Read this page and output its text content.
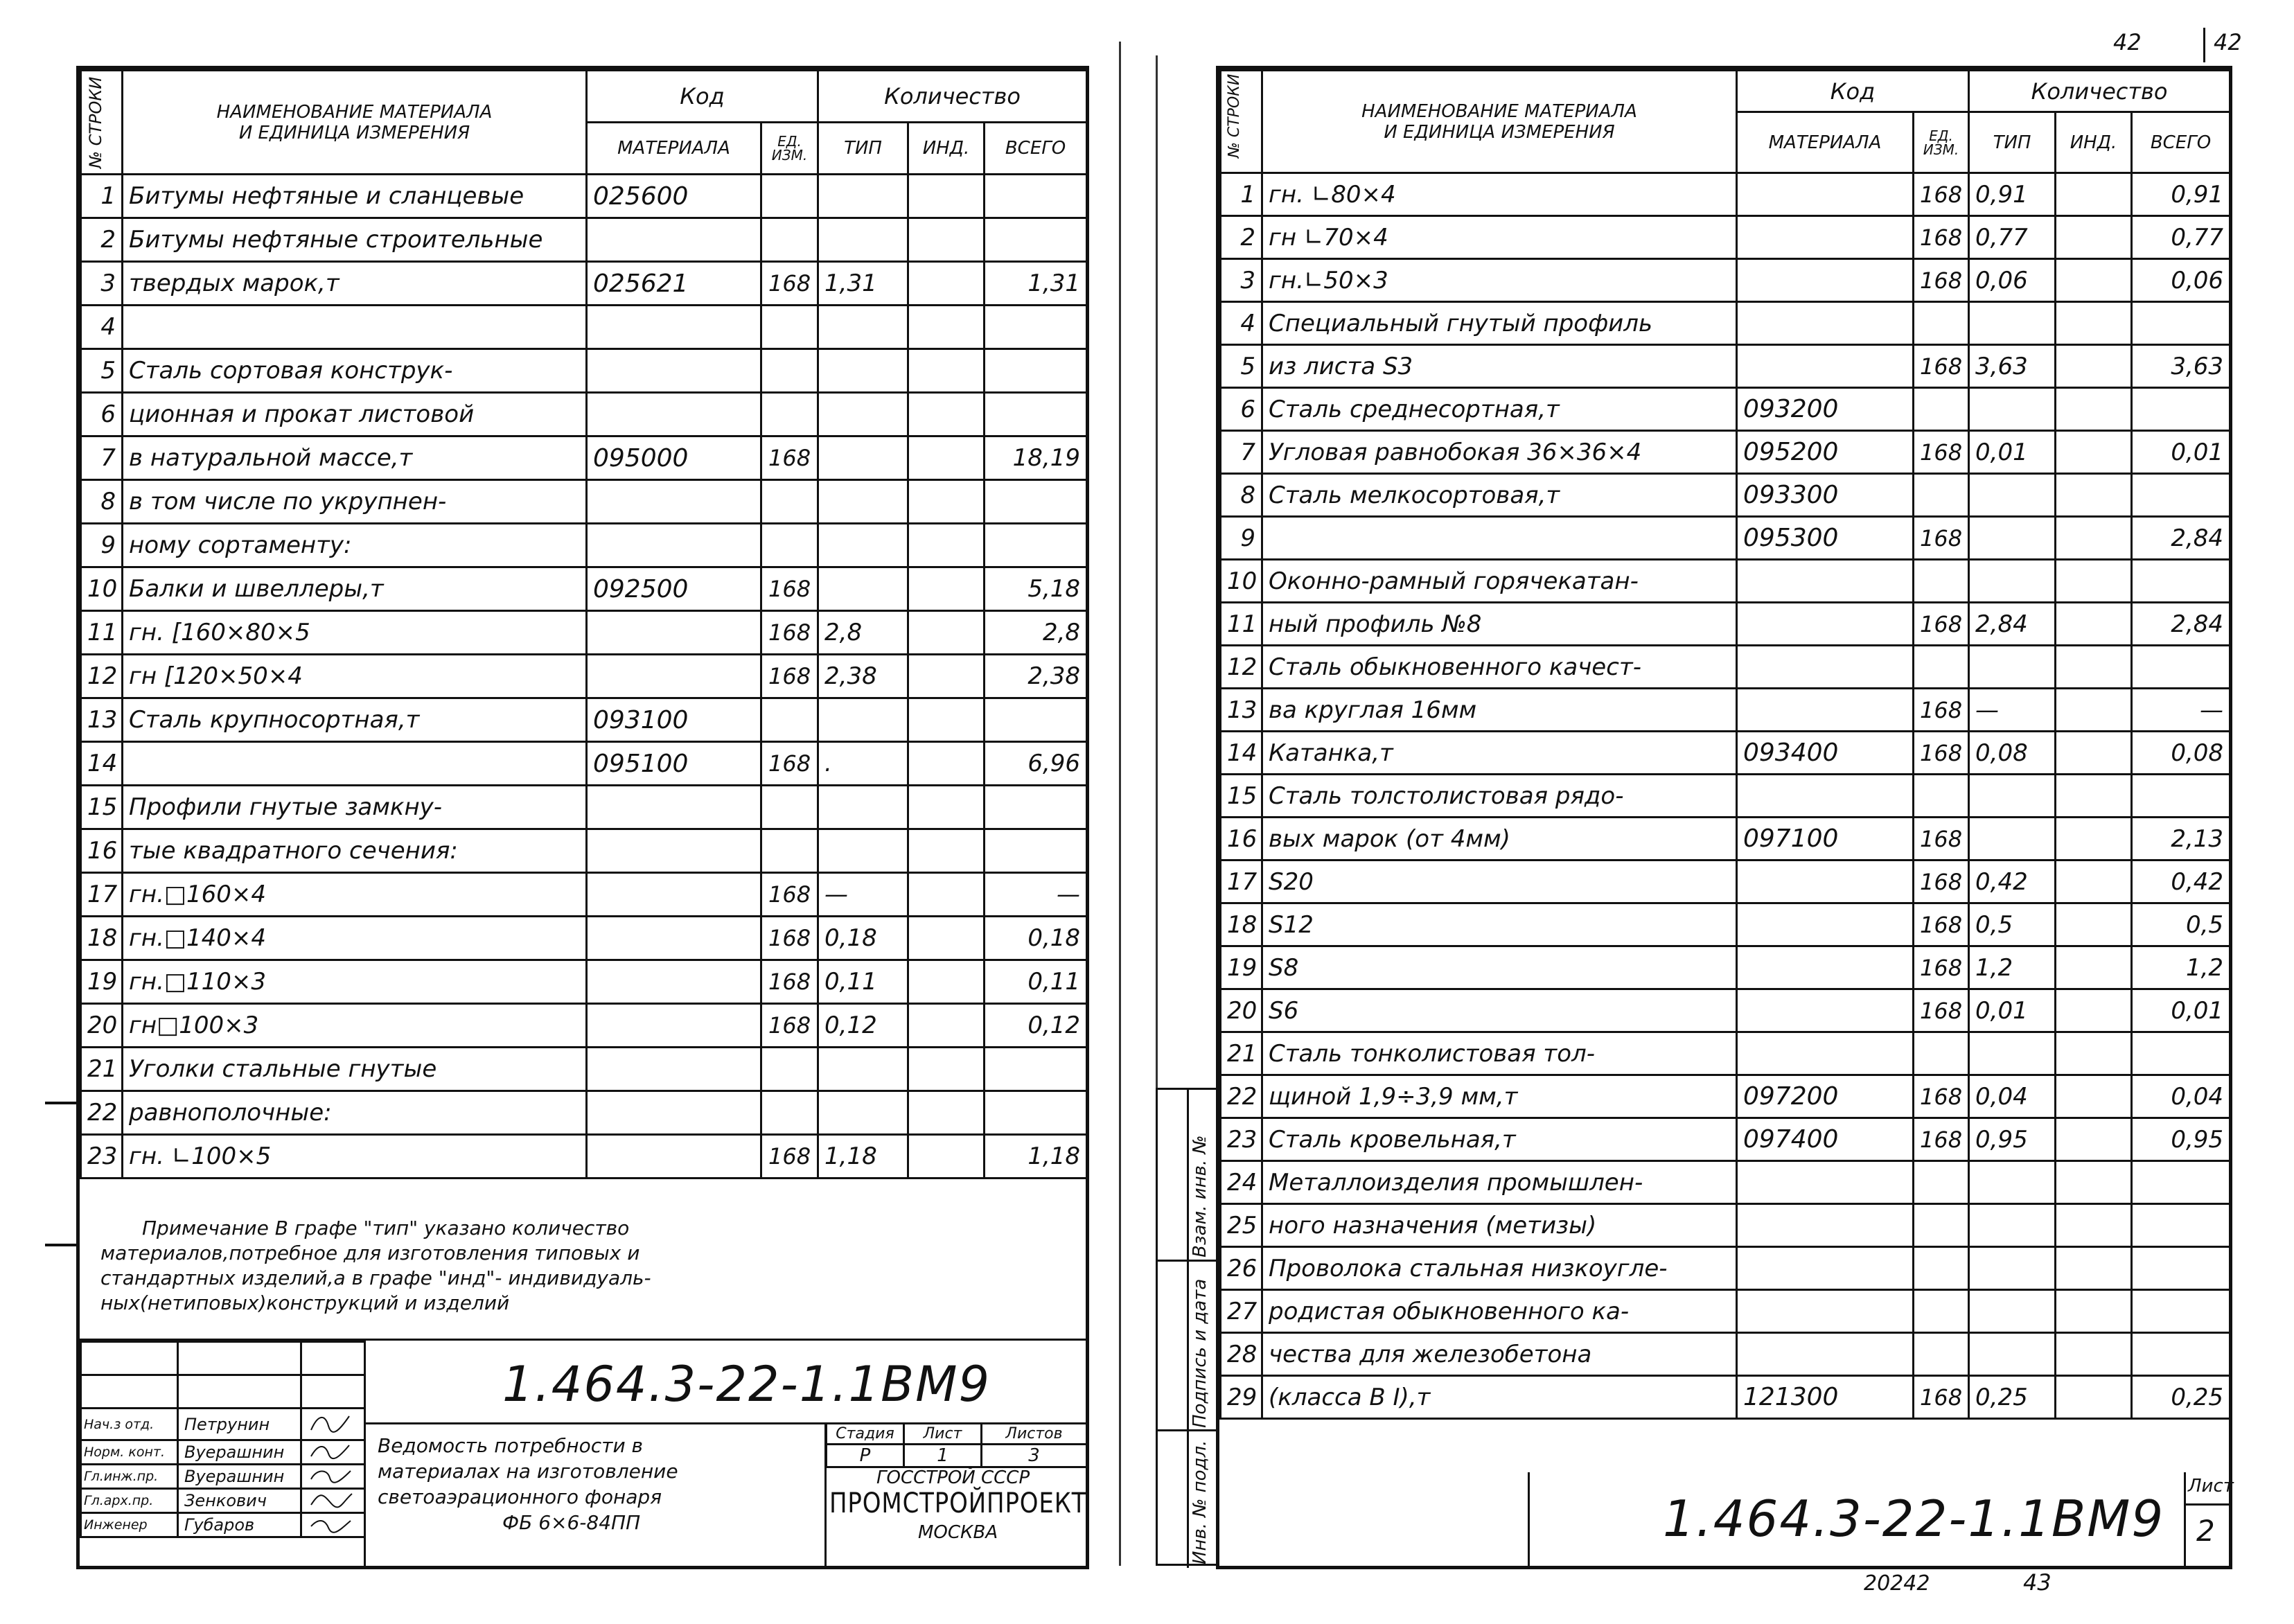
№ СТРОКИ	НАИМЕНОВАНИЕ МАТЕРИАЛА
И ЕДИНИЦА ИЗМЕРЕНИЯ	Код		Количество		
		МАТЕРИАЛА	ЕД. ИЗМ.	ТИП	ИНД.	ВСЕГО
1	Битумы нефтяные и сланцевые	025600				
2	Битумы нефтяные строительные					
3	твердых марок,т	025621	168	1,31		1,31
4						
5	Сталь сортовая конструк-					
6	ционная и прокат листовой					
7	в натуральной массе,т	095000	168			18,19
8	в том числе по укрупнен-					
9	ному сортаменту:					
10	Балки и швеллеры,т	092500	168			5,18
11	гн. [160×80×5		168	2,8		2,8
12	гн [120×50×4		168	2,38		2,38
13	Сталь крупносортная,т	093100				
14		095100	168	.		6,96
15	Профили гнутые замкну-					
16	тые квадратного сечения:					
17	гн.□160×4		168	—		—
18	гн.□140×4		168	0,18		0,18
19	гн.□110×3		168	0,11		0,11
20	гн□100×3		168	0,12		0,12
21	Уголки стальные гнутые					
22	равнополочные:					
23	гн. ∟100×5		168	1,18		1,18
Примечание В графе "тип" указано количество
материалов,потребное для изготовления типовых и
стандартных изделий,а в графе "инд"- индивидуаль-
ных(нетиповых)конструкций и изделий

Нач.з отд.	Петрунин	
Норм. конт.	Вуерашнин	
Гл.инж.пр.	Вуерашнин	
Гл.арх.пр.	Зенкович	
Инженер	Губаров	
1.464.3-22-1.1ВМ9
Ведомость потребности в
материалах на изготовление
светоаэрационного фонаря
ФБ 6×6-84ПП
Стадия	Лист	Листов
Р	1	3
ГОССТРОЙ СССР
ПРОМСТРОЙПРОЕКТ
МОСКВА
№ СТРОКИ	НАИМЕНОВАНИЕ МАТЕРИАЛА
И ЕДИНИЦА ИЗМЕРЕНИЯ	Код		Количество		
		МАТЕРИАЛА	ЕД. ИЗМ.	ТИП	ИНД.	ВСЕГО
1	гн. ∟80×4		168	0,91		0,91
2	гн ∟70×4		168	0,77		0,77
3	гн.∟50×3		168	0,06		0,06
4	Специальный гнутый профиль					
5	из листа S3		168	3,63		3,63
6	Сталь среднесортная,т	093200				
7	Угловая равнобокая 36×36×4	095200	168	0,01		0,01
8	Сталь мелкосортовая,т	093300				
9		095300	168			2,84
10	Оконно-рамный горячекатан-					
11	ный профиль №8		168	2,84		2,84
12	Сталь обыкновенного качест-					
13	ва круглая 16мм		168	—		—
14	Катанка,т	093400	168	0,08		0,08
15	Сталь толстолистовая рядо-					
16	вых марок (от 4мм)	097100	168			2,13
17	S20		168	0,42		0,42
18	S12		168	0,5		0,5
19	S8		168	1,2		1,2
20	S6		168	0,01		0,01
21	Сталь тонколистовая тол-					
22	щиной 1,9÷3,9 мм,т	097200	168	0,04		0,04
23	Сталь кровельная,т	097400	168	0,95		0,95
24	Металлоизделия промышлен-					
25	ного назначения (метизы)					
26	Проволока стальная низкоугле-					
27	родистая обыкновенного ка-					
28	чества для железобетона					
29	(класса В I),т	121300	168	0,25		0,25
1.464.3-22-1.1ВМ9
Лист
2
Инв. № подл.
Подпись и дата
Взам. инв. №
42	42
20242	43
